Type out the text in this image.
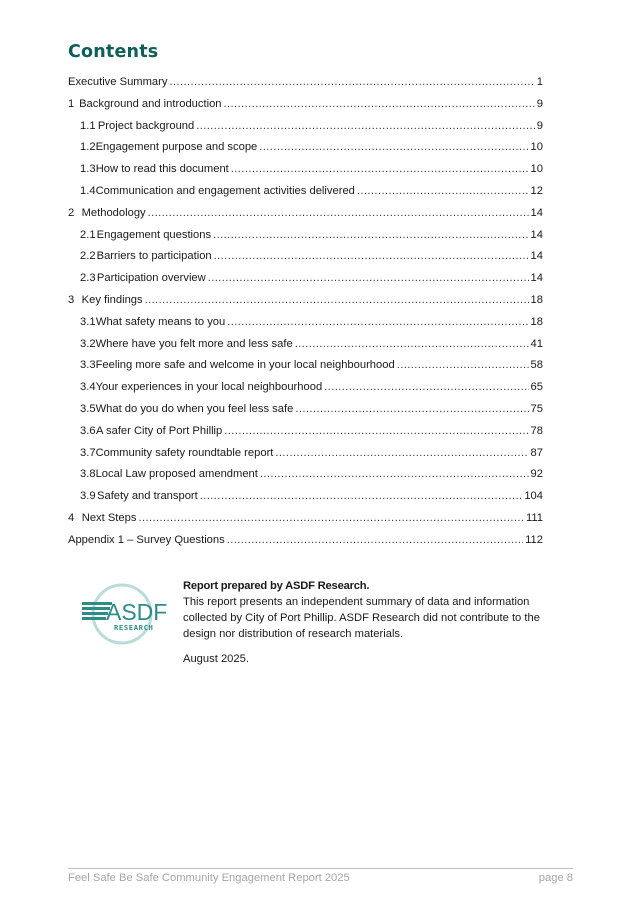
Contents
Executive Summary .....	1
1 Background and introduction .....	9
1.1 Project background .....	9
1.2 Engagement purpose and scope .....	10
1.3 How to read this document .....	10
1.4 Communication and engagement activities delivered .....	12
2 Methodology .....	14
2.1 Engagement questions .....	14
2.2 Barriers to participation .....	14
2.3 Participation overview .....	14
3 Key findings .....	18
3.1 What safety means to you .....	18
3.2 Where have you felt more and less safe .....	41
3.3 Feeling more safe and welcome in your local neighbourhood .....	58
3.4 Your experiences in your local neighbourhood .....	65
3.5 What do you do when you feel less safe .....	75
3.6 A safer City of Port Phillip .....	78
3.7 Community safety roundtable report .....	87
3.8 Local Law proposed amendment .....	92
3.9 Safety and transport .....	104
4 Next Steps .....	111
Appendix 1 – Survey Questions .....	112
ASDF
RESEARCH
Report prepared by ASDF Research.
This report presents an independent summary of data and information collected by City of Port Phillip. ASDF Research did not contribute to the design nor distribution of research materials.
August 2025.
Feel Safe Be Safe Community Engagement Report 2025	page 8
